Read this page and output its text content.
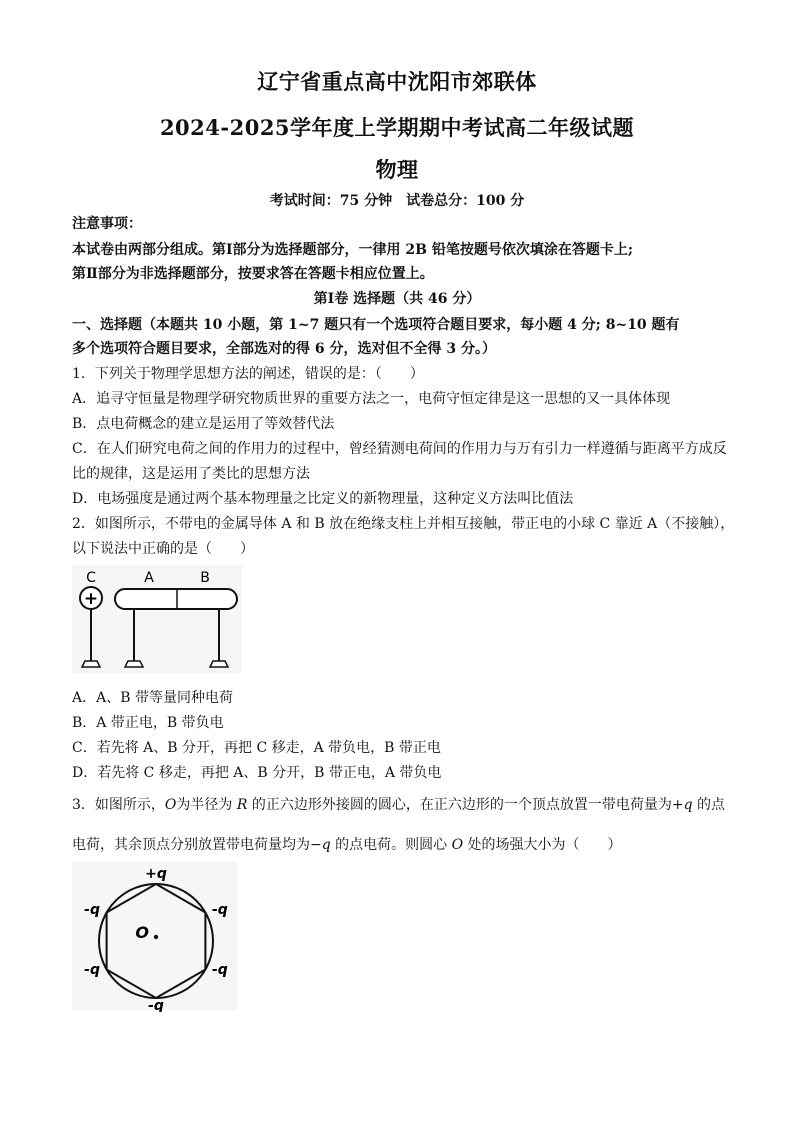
辽宁省重点高中沈阳市郊联体
2024-2025学年度上学期期中考试高二年级试题
物理
考试时间：75 分钟　试卷总分：100 分
注意事项：
本试卷由两部分组成。第Ⅰ部分为选择题部分，一律用 2B 铅笔按题号依次填涂在答题卡上;
第Ⅱ部分为非选择题部分，按要求答在答题卡相应位置上。
第Ⅰ卷 选择题（共 46 分）
一、选择题（本题共 10 小题，第 1~7 题只有一个选项符合题目要求，每小题 4 分; 8~10 题有
多个选项符合题目要求，全部选对的得 6 分，选对但不全得 3 分。）
1．下列关于物理学思想方法的阐述，错误的是：（　　）
A．追寻守恒量是物理学研究物质世界的重要方法之一，电荷守恒定律是这一思想的又一具体体现
B．点电荷概念的建立是运用了等效替代法
C．在人们研究电荷之间的作用力的过程中，曾经猜测电荷间的作用力与万有引力一样遵循与距离平方成反
比的规律，这是运用了类比的思想方法
D．电场强度是通过两个基本物理量之比定义的新物理量，这种定义方法叫比值法
2．如图所示，不带电的金属导体 A 和 B 放在绝缘支柱上并相互接触，带正电的小球 C 靠近 A（不接触），
以下说法中正确的是（　　）
C
+
A	B
A．A、B 带等量同种电荷
B．A 带正电，B 带负电
C．若先将 A、B 分开，再把 C 移走，A 带负电，B 带正电
D．若先将 C 移走，再把 A、B 分开，B 带正电，A 带负电
3．如图所示，O为半径为 R 的正六边形外接圆的圆心，在正六边形的一个顶点放置一带电荷量为+q 的点
电荷，其余顶点分别放置带电荷量均为−q 的点电荷。则圆心 O 处的场强大小为（　　）
O
+q
-q
-q
-q
-q
-q
